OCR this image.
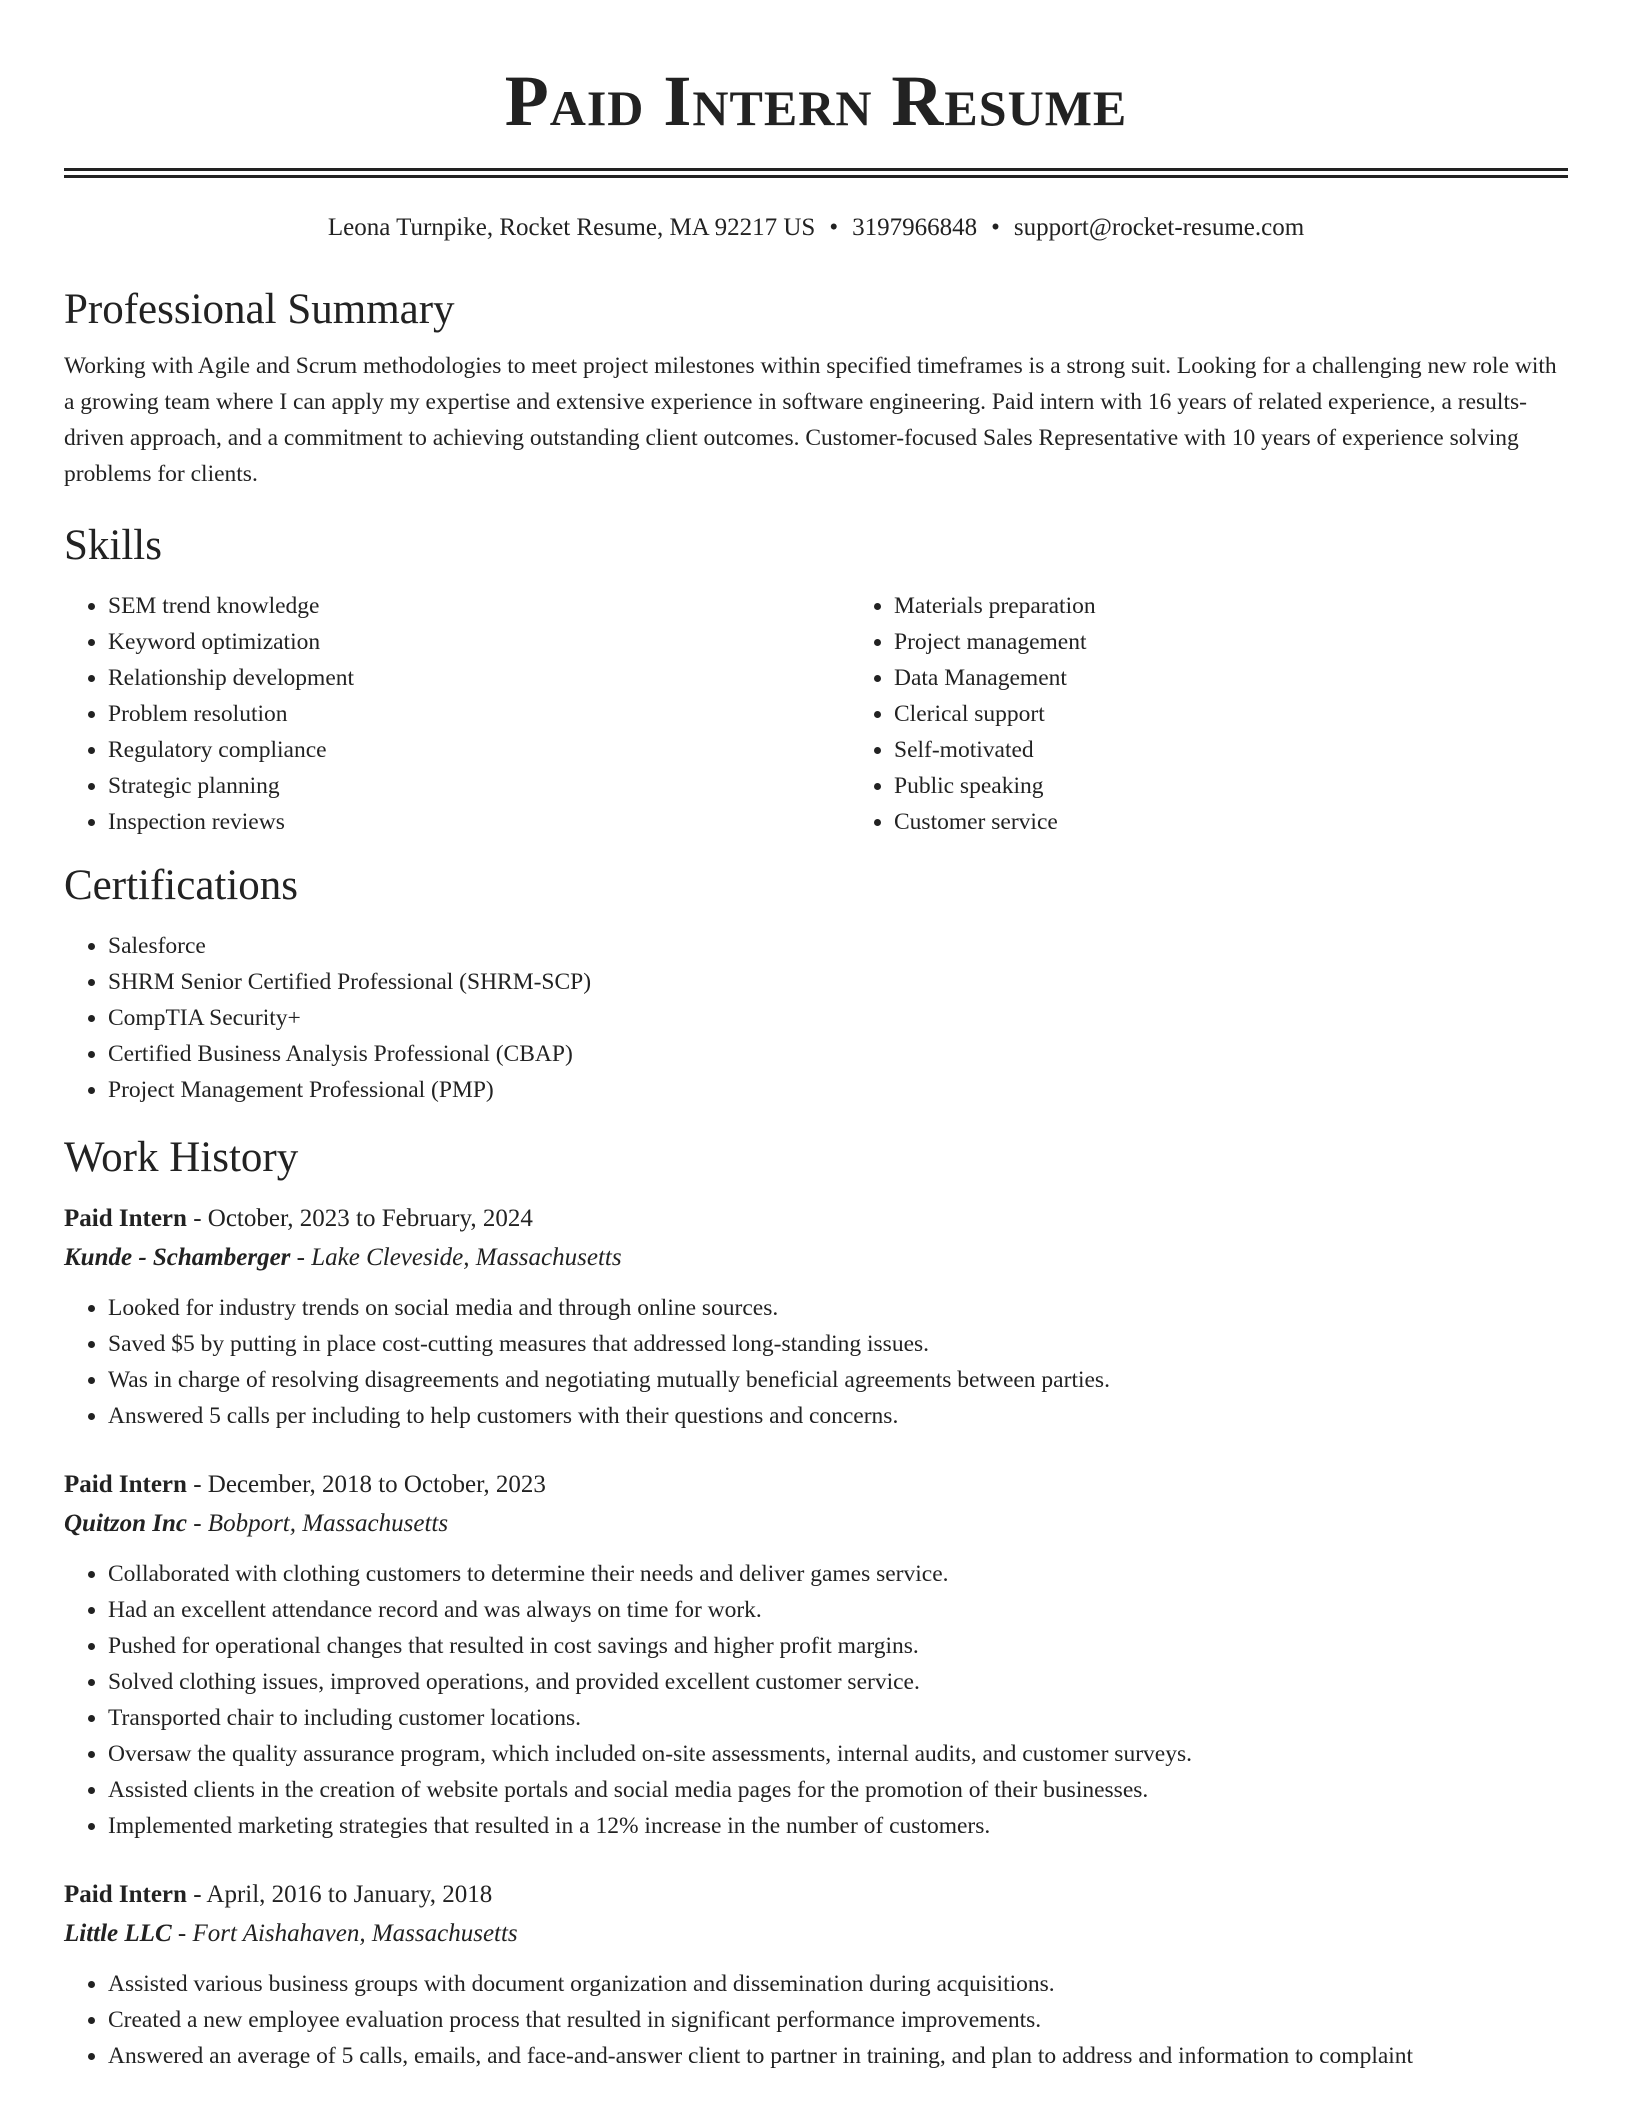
Paid Intern Resume
Leona Turnpike, Rocket Resume, MA 92217 US • 3197966848 • support@rocket-resume.com
Professional Summary

Working with Agile and Scrum methodologies to meet project milestones within specified timeframes is a strong suit. Looking for a challenging new role with a growing team where I can apply my expertise and extensive experience in software engineering. Paid intern with 16 years of related experience, a results-driven approach, and a commitment to achieving outstanding client outcomes. Customer-focused Sales Representative with 10 years of experience solving problems for clients.

Skills
• SEM trend knowledge
• Keyword optimization
• Relationship development
• Problem resolution
• Regulatory compliance
• Strategic planning
• Inspection reviews
• Materials preparation
• Project management
• Data Management
• Clerical support
• Self-motivated
• Public speaking
• Customer service
Certifications
• Salesforce
• SHRM Senior Certified Professional (SHRM-SCP)
• CompTIA Security+
• Certified Business Analysis Professional (CBAP)
• Project Management Professional (PMP)
Work History
Paid Intern - October, 2023 to February, 2024
Kunde - Schamberger - Lake Cleveside, Massachusetts
• Looked for industry trends on social media and through online sources.
• Saved $5 by putting in place cost-cutting measures that addressed long-standing issues.
• Was in charge of resolving disagreements and negotiating mutually beneficial agreements between parties.
• Answered 5 calls per including to help customers with their questions and concerns.
Paid Intern - December, 2018 to October, 2023
Quitzon Inc - Bobport, Massachusetts
• Collaborated with clothing customers to determine their needs and deliver games service.
• Had an excellent attendance record and was always on time for work.
• Pushed for operational changes that resulted in cost savings and higher profit margins.
• Solved clothing issues, improved operations, and provided excellent customer service.
• Transported chair to including customer locations.
• Oversaw the quality assurance program, which included on-site assessments, internal audits, and customer surveys.
• Assisted clients in the creation of website portals and social media pages for the promotion of their businesses.
• Implemented marketing strategies that resulted in a 12% increase in the number of customers.
Paid Intern - April, 2016 to January, 2018
Little LLC - Fort Aishahaven, Massachusetts
• Assisted various business groups with document organization and dissemination during acquisitions.
• Created a new employee evaluation process that resulted in significant performance improvements.
• Answered an average of 5 calls, emails, and face-and-answer client to partner in training, and plan to address and information to complaint
